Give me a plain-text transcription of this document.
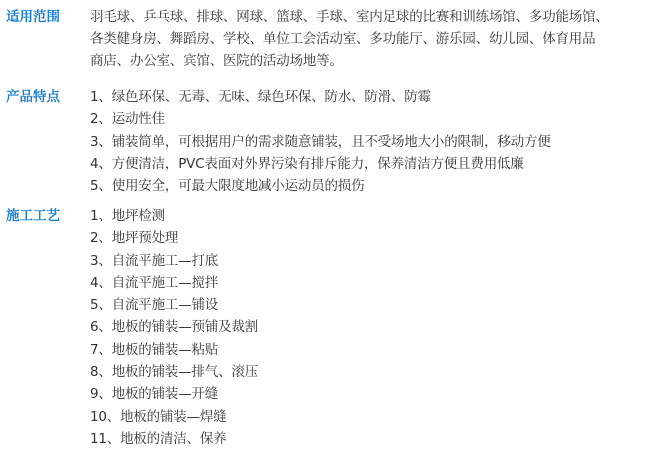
适用范围 羽毛球、乒乓球、排球、网球、篮球、手球、室内足球的比赛和训练场馆、多功能场馆、
各类健身房、舞蹈房、学校、单位工会活动室、多功能厅、游乐园、幼儿园、体育用品
商店、办公室、宾馆、医院的活动场地等。
产品特点 1、绿色环保、无毒、无味、绿色环保、防水、防滑、防霉
2、运动性佳
3、铺装简单，可根据用户的需求随意铺装，且不受场地大小的限制，移动方便
4、方便清洁，PVC表面对外界污染有排斥能力，保养清洁方便且费用低廉
5、使用安全，可最大限度地减小运动员的损伤
施工工艺 1、地坪检测
2、地坪预处理
3、自流平施工—打底
4、自流平施工—搅拌
5、自流平施工—铺设
6、地板的铺装—预铺及裁割
7、地板的铺装—粘贴
8、地板的铺装—排气、滚压
9、地板的铺装—开缝
10、地板的铺装—焊缝
11、地板的清洁、保养
